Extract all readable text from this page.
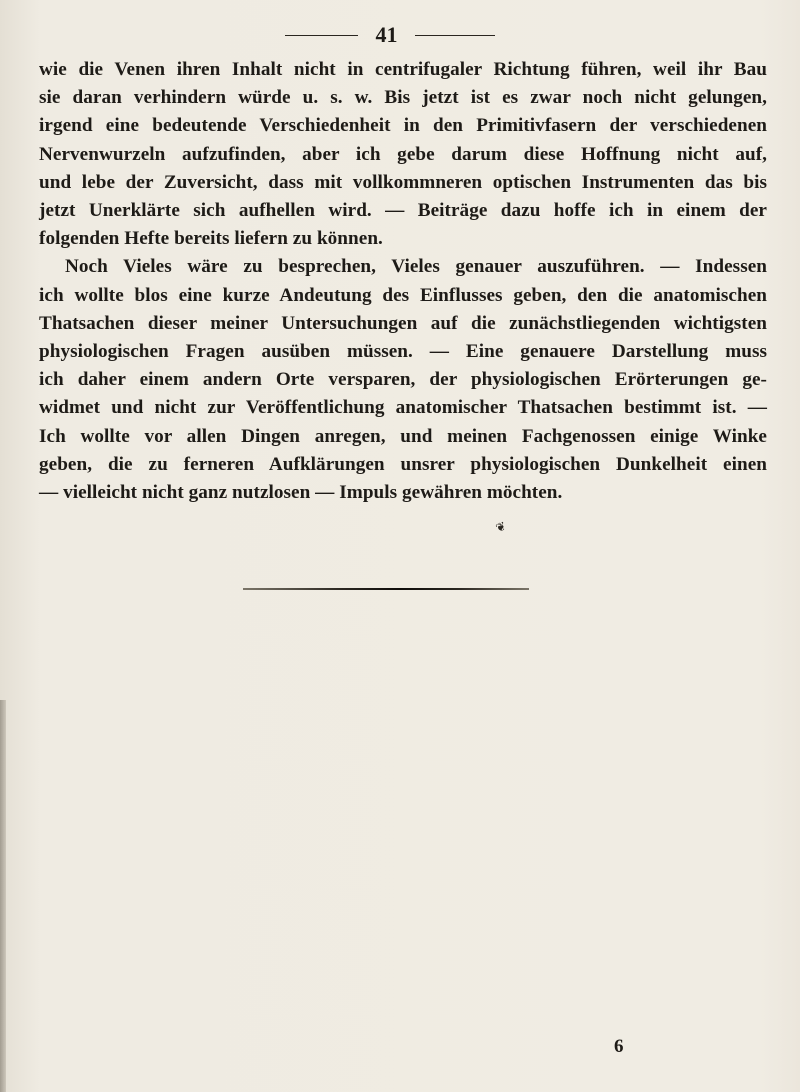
41

wie die Venen ihren Inhalt nicht in centrifugaler Richtung führen, weil ihr Bau
sie daran verhindern würde u. s. w. Bis jetzt ist es zwar noch nicht gelungen,
irgend eine bedeutende Verschiedenheit in den Primitivfasern der verschiedenen
Nervenwurzeln aufzufinden, aber ich gebe darum diese Hoffnung nicht auf,
und lebe der Zuversicht, dass mit vollkommneren optischen Instrumenten das bis
jetzt Unerklärte sich aufhellen wird. — Beiträge dazu hoffe ich in einem der
folgenden Hefte bereits liefern zu können.

Noch Vieles wäre zu besprechen, Vieles genauer auszuführen. — Indessen
ich wollte blos eine kurze Andeutung des Einflusses geben, den die anatomischen
Thatsachen dieser meiner Untersuchungen auf die zunächstliegenden wichtigsten
physiologischen Fragen ausüben müssen. — Eine genauere Darstellung muss
ich daher einem andern Orte versparen, der physiologischen Erörterungen ge-
widmet und nicht zur Veröffentlichung anatomischer Thatsachen bestimmt ist. —
Ich wollte vor allen Dingen anregen, und meinen Fachgenossen einige Winke
geben, die zu ferneren Aufklärungen unsrer physiologischen Dunkelheit einen
— vielleicht nicht ganz nutzlosen — Impuls gewähren möchten.

❦
6
